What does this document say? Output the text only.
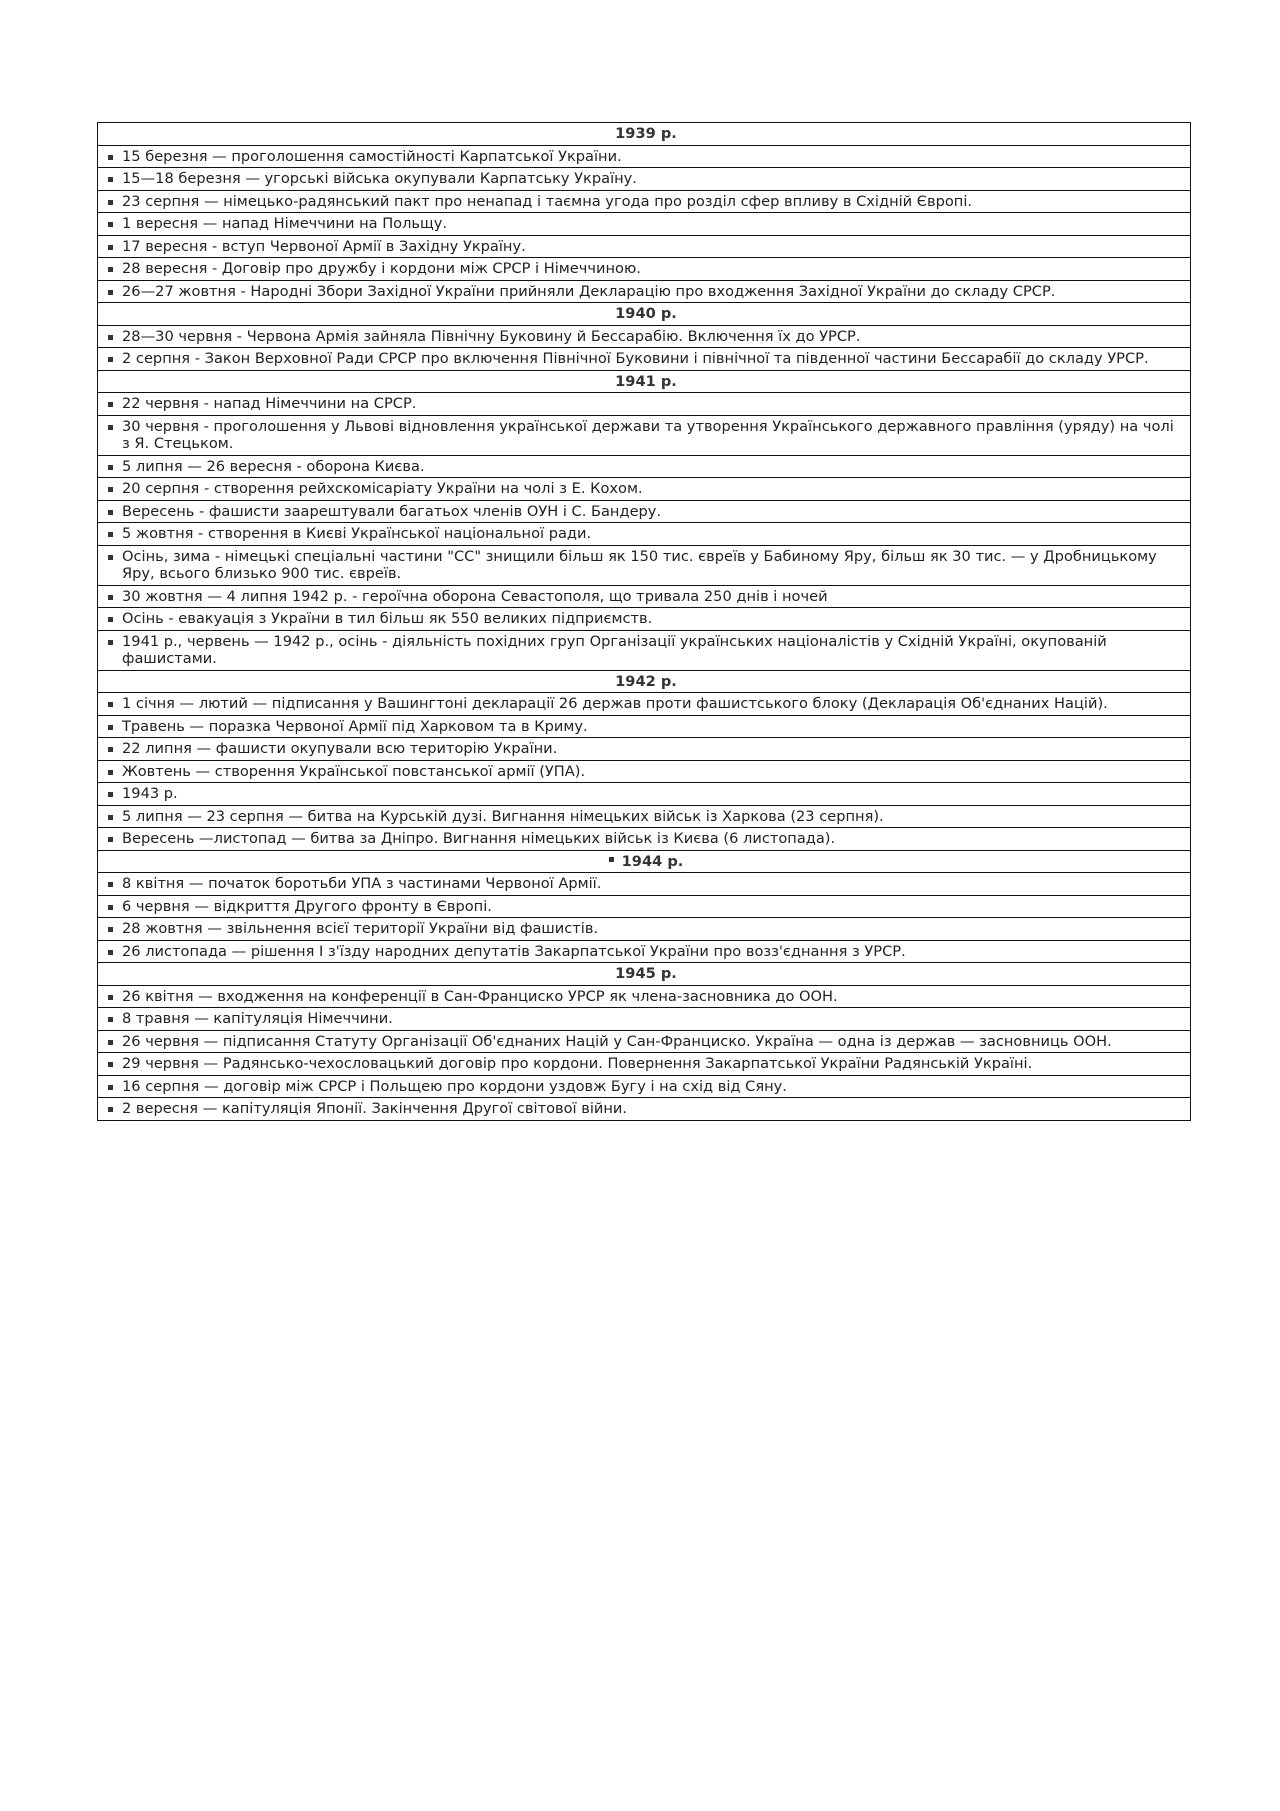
1939 р.

15 березня — проголошення самостійності Карпатської України.

15—18 березня — угорські війська окупували Карпатську Україну.

23 серпня — німецько-радянський пакт про ненапад і таємна угода про розділ сфер впливу в Східній Європі.

1 вересня — напад Німеччини на Польщу.

17 вересня - вступ Червоної Армії в Західну Україну.

28 вересня - Договір про дружбу і кордони між СРСР і Німеччиною.

26—27 жовтня - Народні Збори Західної України прийняли Декларацію про входження Західної України до складу СРСР.
1940 р.

28—30 червня - Червона Армія зайняла Північну Буковину й Бессарабію. Включення їх до УРСР.

2 серпня - Закон Верховної Ради СРСР про включення Північної Буковини і північної та південної частини Бессарабії до складу УРСР.
1941 р.

22 червня - напад Німеччини на СРСР.

30 червня - проголошення у Львові відновлення української держави та утворення Українського державного правління (уряду) на чолі з Я. Стецьком.

5 липня — 26 вересня - оборона Києва.

20 серпня - створення рейхскомісаріату України на чолі з Е. Кохом.

Вересень - фашисти заарештували багатьох членів ОУН і С. Бандеру.

5 жовтня - створення в Києві Української національної ради.

Осінь, зима - німецькі спеціальні частини "СС" знищили більш як 150 тис. євреїв у Бабиному Яру, більш як 30 тис. — у Дробницькому Яру, всього близько 900 тис. євреїв.

30 жовтня — 4 липня 1942 р. - героїчна оборона Севастополя, що тривала 250 днів і ночей

Осінь - евакуація з України в тил більш як 550 великих підприємств.

1941 р., червень — 1942 р., осінь - діяльність похідних груп Організації українських націоналістів у Східній Україні, окупованій фашистами.
1942 р.

1 січня — лютий — підписання у Вашингтоні декларації 26 держав проти фашистського блоку (Декларація Об'єднаних Націй).

Травень — поразка Червоної Армії під Харковом та в Криму.

22 липня — фашисти окупували всю територію України.

Жовтень — створення Української повстанської армії (УПА).

1943 р.

5 липня — 23 серпня — битва на Курській дузі. Вигнання німецьких військ із Харкова (23 серпня).

Вересень —листопад — битва за Дніпро. Вигнання німецьких військ із Києва (6 листопада).
1944 р.

8 квітня — початок боротьби УПА з частинами Червоної Армії.

6 червня — відкриття Другого фронту в Європі.

28 жовтня — звільнення всієї території України від фашистів.

26 листопада — рішення І з'їзду народних депутатів Закарпатської України про возз'єднання з УРСР.
1945 р.

26 квітня — входження на конференції в Сан-Франциско УРСР як члена-засновника до ООН.

8 травня — капітуляція Німеччини.

26 червня — підписання Статуту Організації Об'єднаних Націй у Сан-Франциско. Україна — одна із держав — засновниць ООН.

29 червня — Радянсько-чехословацький договір про кордони. Повернення Закарпатської України Радянській Україні.

16 серпня — договір між СРСР і Польщею про кордони уздовж Бугу і на схід від Сяну.

2 вересня — капітуляція Японії. Закінчення Другої світової війни.
